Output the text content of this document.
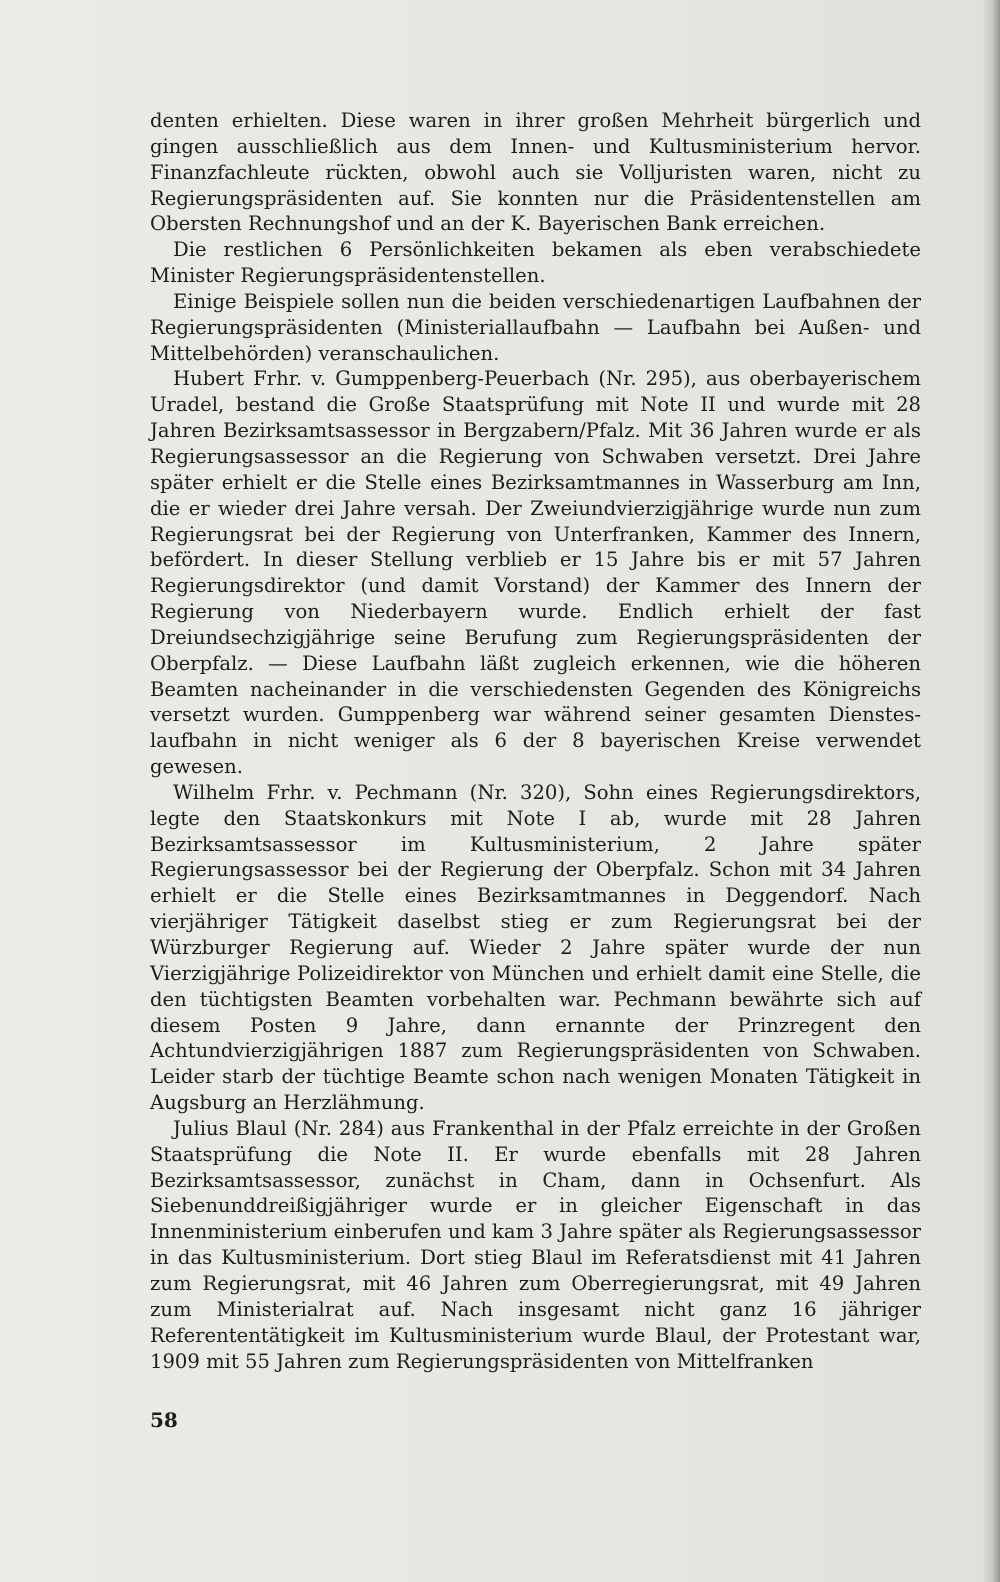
denten erhielten. Diese waren in ihrer großen Mehrheit bürgerlich und gingen ausschließlich aus dem Innen- und Kultusministerium hervor. Finanzfachleute rückten, obwohl auch sie Volljuristen waren, nicht zu Regierungspräsidenten auf. Sie konnten nur die Präsidentenstellen am Obersten Rechnungshof und an der K. Bayerischen Bank erreichen.

Die restlichen 6 Persönlichkeiten bekamen als eben verabschiedete Minister Regierungspräsidentenstellen.

Einige Beispiele sollen nun die beiden verschiedenartigen Laufbahnen der Regierungspräsidenten (Ministeriallaufbahn — Laufbahn bei Außen- und Mittelbehörden) veranschaulichen.

Hubert Frhr. v. Gumppenberg-Peuerbach (Nr. 295), aus oberbayerischem Uradel, bestand die Große Staatsprüfung mit Note II und wurde mit 28 Jahren Bezirksamtsassessor in Bergzabern/Pfalz. Mit 36 Jahren wurde er als Regierungsassessor an die Regierung von Schwaben versetzt. Drei Jahre später erhielt er die Stelle eines Bezirksamtmannes in Wasserburg am Inn, die er wieder drei Jahre versah. Der Zweiundvierzigjährige wurde nun zum Regierungsrat bei der Regierung von Unterfranken, Kammer des Innern, befördert. In dieser Stellung verblieb er 15 Jahre bis er mit 57 Jahren Regierungsdirektor (und damit Vorstand) der Kammer des Innern der Regierung von Niederbayern wurde. Endlich erhielt der fast Dreiundsechzigjährige seine Berufung zum Regierungspräsidenten der Oberpfalz. — Diese Laufbahn läßt zugleich erkennen, wie die höheren Beamten nacheinander in die verschiedensten Gegenden des Königreichs versetzt wurden. Gumppenberg war während seiner gesamten Dienstes-laufbahn in nicht weniger als 6 der 8 bayerischen Kreise verwendet gewesen.

Wilhelm Frhr. v. Pechmann (Nr. 320), Sohn eines Regierungsdirektors, legte den Staatskonkurs mit Note I ab, wurde mit 28 Jahren Bezirksamtsassessor im Kultusministerium, 2 Jahre später Regierungsassessor bei der Regierung der Oberpfalz. Schon mit 34 Jahren erhielt er die Stelle eines Bezirksamtmannes in Deggendorf. Nach vierjähriger Tätigkeit daselbst stieg er zum Regierungsrat bei der Würzburger Regierung auf. Wieder 2 Jahre später wurde der nun Vierzigjährige Polizeidirektor von München und erhielt damit eine Stelle, die den tüchtigsten Beamten vorbehalten war. Pechmann bewährte sich auf diesem Posten 9 Jahre, dann ernannte der Prinzregent den Achtundvierzigjährigen 1887 zum Regierungspräsidenten von Schwaben. Leider starb der tüchtige Beamte schon nach wenigen Monaten Tätigkeit in Augsburg an Herzlähmung.

Julius Blaul (Nr. 284) aus Frankenthal in der Pfalz erreichte in der Großen Staatsprüfung die Note II. Er wurde ebenfalls mit 28 Jahren Bezirksamtsassessor, zunächst in Cham, dann in Ochsenfurt. Als Siebenunddreißigjähriger wurde er in gleicher Eigenschaft in das Innenministerium einberufen und kam 3 Jahre später als Regierungsassessor in das Kultusministerium. Dort stieg Blaul im Referatsdienst mit 41 Jahren zum Regierungsrat, mit 46 Jahren zum Oberregierungsrat, mit 49 Jahren zum Ministerialrat auf. Nach insgesamt nicht ganz 16 jähriger Referententätigkeit im Kultusministerium wurde Blaul, der Protestant war, 1909 mit 55 Jahren zum Regierungspräsidenten von Mittelfranken

58
